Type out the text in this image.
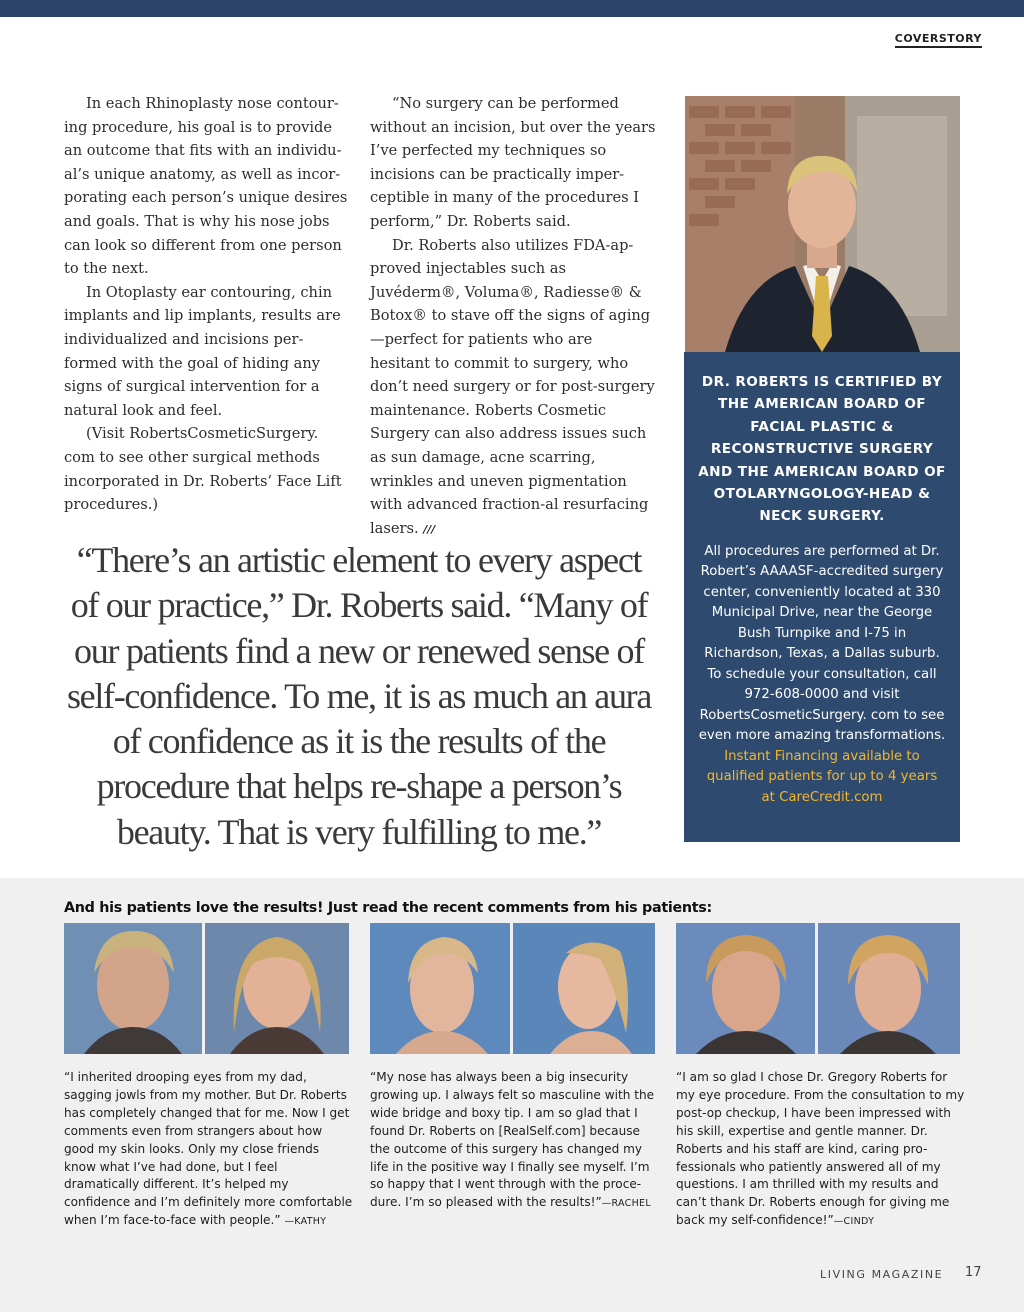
COVERSTORY

In each Rhinoplasty nose contour-ing procedure, his goal is to provide an outcome that fits with an individu-al’s unique anatomy, as well as incor-porating each person’s unique desires and goals. That is why his nose jobs can look so different from one person to the next.

In Otoplasty ear contouring, chin implants and lip implants, results are individualized and incisions per-formed with the goal of hiding any signs of surgical intervention for a natural look and feel.

(Visit RobertsCosmeticSurgery. com to see other surgical methods incorporated in Dr. Roberts’ Face Lift procedures.)

“No surgery can be performed without an incision, but over the years I’ve perfected my techniques so incisions can be practically imper-ceptible in many of the procedures I perform,” Dr. Roberts said.

Dr. Roberts also utilizes FDA-ap-proved injectables such as Juvéderm®, Voluma®, Radiesse® & Botox® to stave off the signs of aging—perfect for patients who are hesitant to commit to surgery, who don’t need surgery or for post-surgery maintenance. Roberts Cosmetic Surgery can also address issues such as sun damage, acne scarring, wrinkles and uneven pigmentation with advanced fraction-al resurfacing lasers. ///

“There’s an artistic element to every aspect of our practice,” Dr. Roberts said. “Many of our patients find a new or renewed sense of self-confidence. To me, it is as much an aura of confidence as it is the results of the procedure that helps re-shape a person’s beauty. That is very fulfilling to me.”
DR. ROBERTS IS CERTIFIED BY THE AMERICAN BOARD OF FACIAL PLASTIC & RECONSTRUCTIVE SURGERY AND THE AMERICAN BOARD OF OTOLARYNGOLOGY-HEAD & NECK SURGERY.
All procedures are performed at Dr. Robert’s AAAASF-accredited surgery center, conveniently located at 330 Municipal Drive, near the George Bush Turnpike and I-75 in Richardson, Texas, a Dallas suburb. To schedule your consultation, call 972-608-0000 and visit RobertsCosmeticSurgery. com to see even more amazing transformations. Instant Financing available to qualified patients for up to 4 years at CareCredit.com
And his patients love the results! Just read the recent comments from his patients:
“I inherited drooping eyes from my dad, sagging jowls from my mother. But Dr. Roberts has completely changed that for me. Now I get comments even from strangers about how good my skin looks. Only my close friends know what I’ve had done, but I feel dramatically different. It’s helped my confidence and I’m definitely more comfortable when I’m face-to-face with people.” —KATHY
“My nose has always been a big insecurity growing up. I always felt so masculine with the wide bridge and boxy tip. I am so glad that I found Dr. Roberts on [RealSelf.com] because the outcome of this surgery has changed my life in the positive way I finally see myself. I’m so happy that I went through with the proce-dure. I’m so pleased with the results!”—RACHEL
“I am so glad I chose Dr. Gregory Roberts for my eye procedure. From the consultation to my post-op checkup, I have been impressed with his skill, expertise and gentle manner. Dr. Roberts and his staff are kind, caring pro-fessionals who patiently answered all of my questions. I am thrilled with my results and can’t thank Dr. Roberts enough for giving me back my self-confidence!”—CINDY
LIVING MAGAZINE 17
